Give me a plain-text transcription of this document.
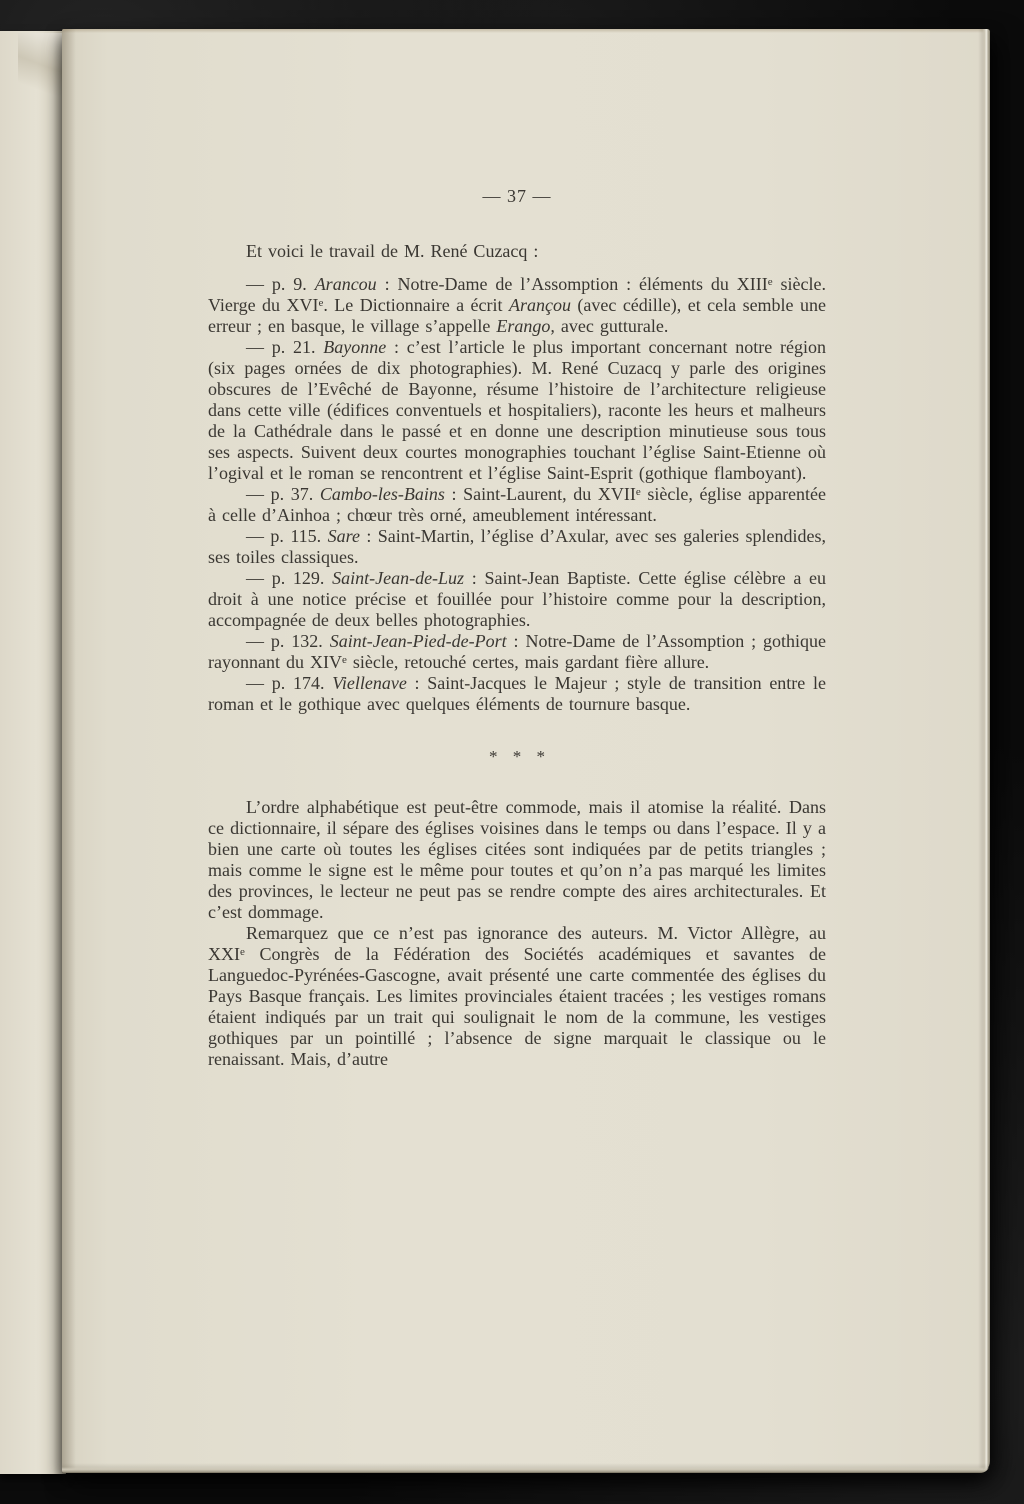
— 37 —

Et voici le travail de M. René Cuzacq :

— p. 9. Arancou : Notre-Dame de l’Assomption : éléments du XIIIe siècle. Vierge du XVIe. Le Dictionnaire a écrit Arançou (avec cédille), et cela semble une erreur ; en basque, le village s’appelle Erango, avec gutturale.

— p. 21. Bayonne : c’est l’article le plus important concernant notre région (six pages ornées de dix photographies). M. René Cuzacq y parle des origines obscures de l’Evêché de Bayonne, résume l’histoire de l’architecture religieuse dans cette ville (édifices conventuels et hospitaliers), raconte les heurs et malheurs de la Cathédrale dans le passé et en donne une description minutieuse sous tous ses aspects. Suivent deux courtes monographies touchant l’église Saint-Etienne où l’ogival et le roman se rencontrent et l’église Saint-Esprit (gothique flamboyant).

— p. 37. Cambo-les-Bains : Saint-Laurent, du XVIIe siècle, église apparentée à celle d’Ainhoa ; chœur très orné, ameublement intéressant.

— p. 115. Sare : Saint-Martin, l’église d’Axular, avec ses galeries splendides, ses toiles classiques.

— p. 129. Saint-Jean-de-Luz : Saint-Jean Baptiste. Cette église célèbre a eu droit à une notice précise et fouillée pour l’histoire comme pour la description, accompagnée de deux belles photographies.

— p. 132. Saint-Jean-Pied-de-Port : Notre-Dame de l’Assomption ; gothique rayonnant du XIVe siècle, retouché certes, mais gardant fière allure.

— p. 174. Viellenave : Saint-Jacques le Majeur ; style de transition entre le roman et le gothique avec quelques éléments de tournure basque.

* * *

L’ordre alphabétique est peut-être commode, mais il atomise la réalité. Dans ce dictionnaire, il sépare des églises voisines dans le temps ou dans l’espace. Il y a bien une carte où toutes les églises citées sont indiquées par de petits triangles ; mais comme le signe est le même pour toutes et qu’on n’a pas marqué les limites des provinces, le lecteur ne peut pas se rendre compte des aires architecturales. Et c’est dommage.

Remarquez que ce n’est pas ignorance des auteurs. M. Victor Allègre, au XXIe Congrès de la Fédération des Sociétés académiques et savantes de Languedoc-Pyrénées-Gascogne, avait présenté une carte commentée des églises du Pays Basque français. Les limites provinciales étaient tracées ; les vestiges romans étaient indiqués par un trait qui soulignait le nom de la commune, les vestiges gothiques par un pointillé ; l’absence de signe marquait le classique ou le renaissant. Mais, d’autre
